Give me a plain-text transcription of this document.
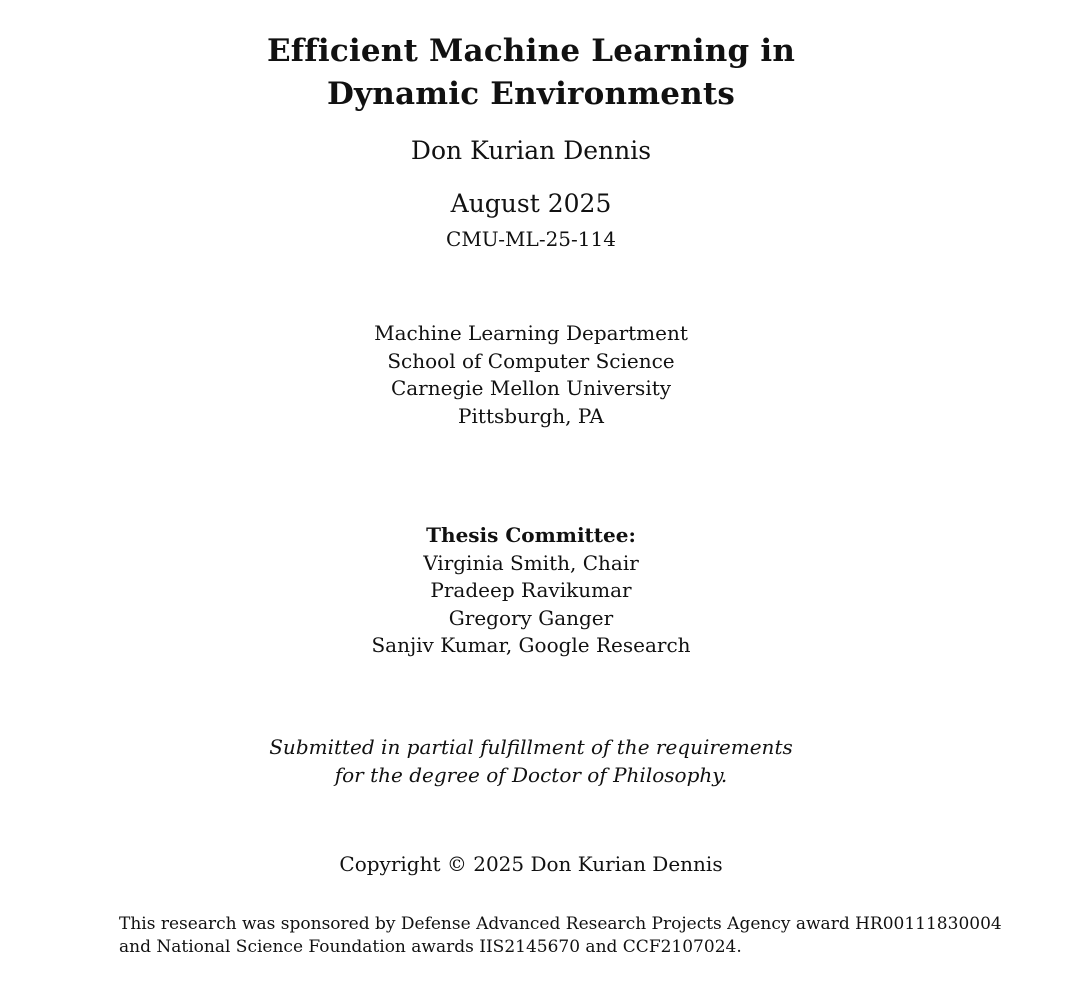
Efficient Machine Learning in
Dynamic Environments
Don Kurian Dennis
August 2025
CMU-ML-25-114
Machine Learning Department
School of Computer Science
Carnegie Mellon University
Pittsburgh, PA
Thesis Committee:
Virginia Smith, Chair
Pradeep Ravikumar
Gregory Ganger
Sanjiv Kumar, Google Research
Submitted in partial fulfillment of the requirements
for the degree of Doctor of Philosophy.
Copyright © 2025 Don Kurian Dennis
This research was sponsored by Defense Advanced Research Projects Agency award HR00111830004
and National Science Foundation awards IIS2145670 and CCF2107024.
